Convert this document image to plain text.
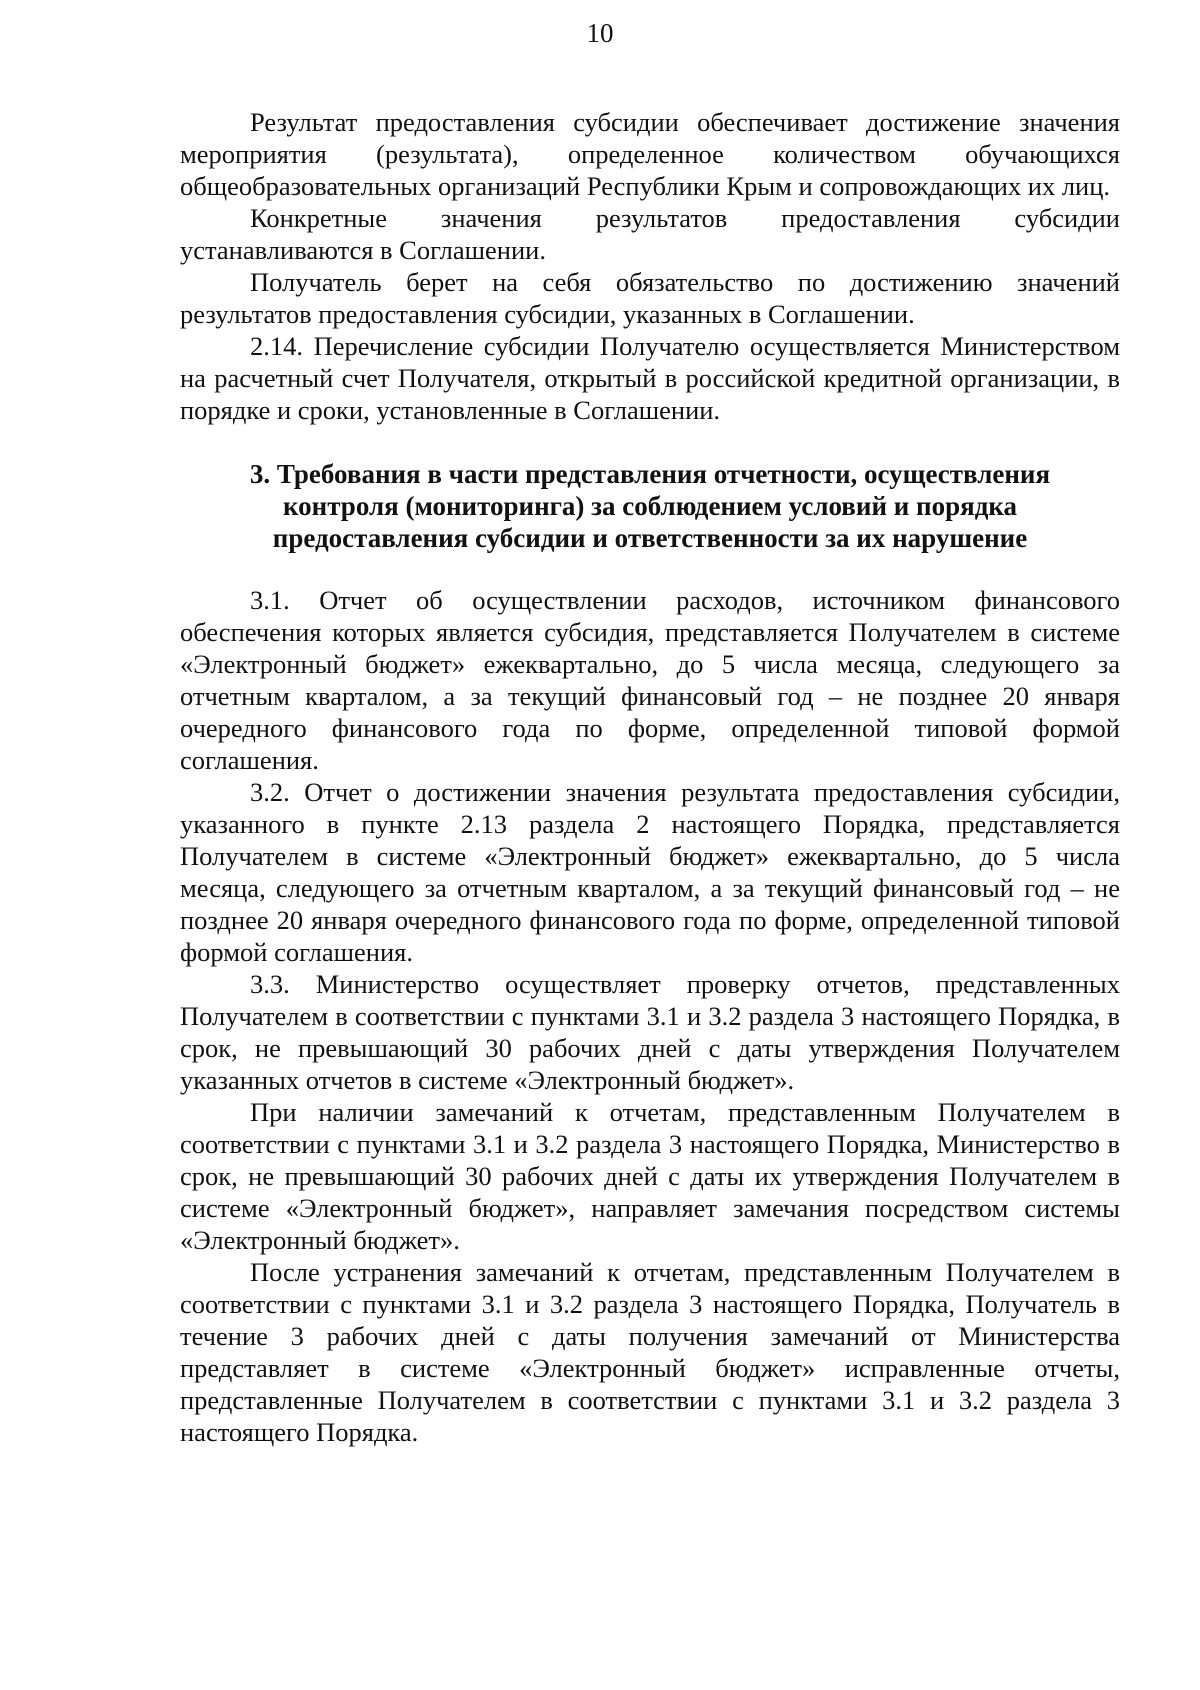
10

Результат предоставления субсидии обеспечивает достижение значения мероприятия (результата), определенное количеством обучающихся общеобразовательных организаций Республики Крым и сопровождающих их лиц.

Конкретные значения результатов предоставления субсидии устанавливаются в Соглашении.

Получатель берет на себя обязательство по достижению значений результатов предоставления субсидии, указанных в Соглашении.

2.14. Перечисление субсидии Получателю осуществляется Министерством на расчетный счет Получателя, открытый в российской кредитной организации, в порядке и сроки, установленные в Соглашении.

3. Требования в части представления отчетности, осуществления контроля (мониторинга) за соблюдением условий и порядка предоставления субсидии и ответственности за их нарушение

3.1. Отчет об осуществлении расходов, источником финансового обеспечения которых является субсидия, представляется Получателем в системе «Электронный бюджет» ежеквартально, до 5 числа месяца, следующего за отчетным кварталом, а за текущий финансовый год – не позднее 20 января очередного финансового года по форме, определенной типовой формой соглашения.

3.2. Отчет о достижении значения результата предоставления субсидии, указанного в пункте 2.13 раздела 2 настоящего Порядка, представляется Получателем в системе «Электронный бюджет» ежеквартально, до 5 числа месяца, следующего за отчетным кварталом, а за текущий финансовый год – не позднее 20 января очередного финансового года по форме, определенной типовой формой соглашения.

3.3. Министерство осуществляет проверку отчетов, представленных Получателем в соответствии с пунктами 3.1 и 3.2 раздела 3 настоящего Порядка, в срок, не превышающий 30 рабочих дней с даты утверждения Получателем указанных отчетов в системе «Электронный бюджет».

При наличии замечаний к отчетам, представленным Получателем в соответствии с пунктами 3.1 и 3.2 раздела 3 настоящего Порядка, Министерство в срок, не превышающий 30 рабочих дней с даты их утверждения Получателем в системе «Электронный бюджет», направляет замечания посредством системы «Электронный бюджет».

После устранения замечаний к отчетам, представленным Получателем в соответствии с пунктами 3.1 и 3.2 раздела 3 настоящего Порядка, Получатель в течение 3 рабочих дней с даты получения замечаний от Министерства представляет в системе «Электронный бюджет» исправленные отчеты, представленные Получателем в соответствии с пунктами 3.1 и 3.2 раздела 3 настоящего Порядка.
